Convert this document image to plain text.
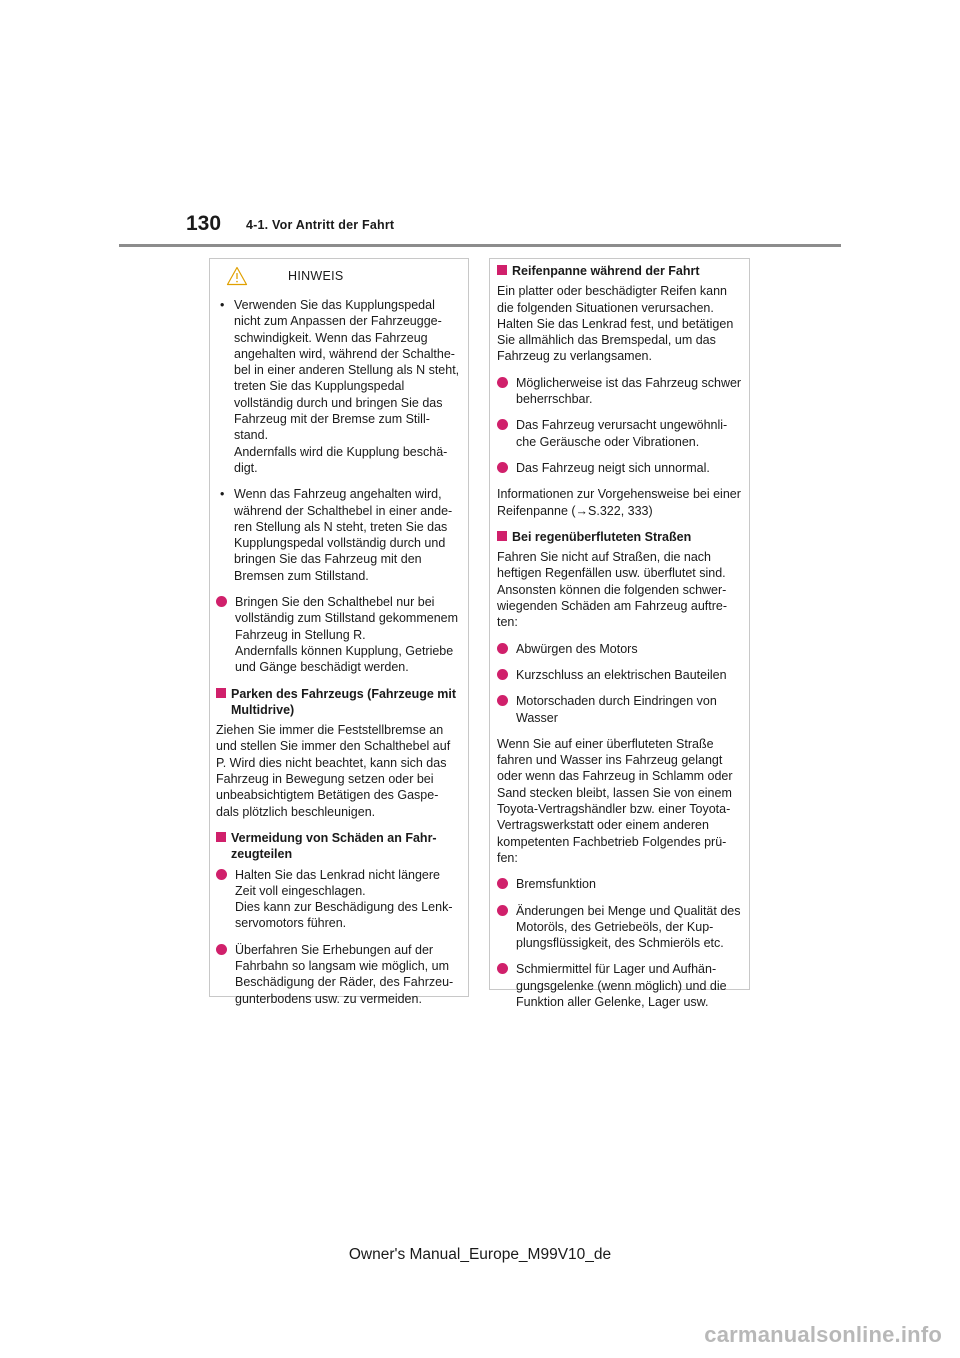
130 4-1. Vor Antritt der Fahrt
HINWEIS
• Verwenden Sie das Kupplungspedal nicht zum Anpassen der Fahrzeugge-schwindigkeit. Wenn das Fahrzeug angehalten wird, während der Schalthe-bel in einer anderen Stellung als N steht, treten Sie das Kupplungspedal vollständig durch und bringen Sie das Fahrzeug mit der Bremse zum Still-stand.
Andernfalls wird die Kupplung beschä-digt.
• Wenn das Fahrzeug angehalten wird, während der Schalthebel in einer ande-ren Stellung als N steht, treten Sie das Kupplungspedal vollständig durch und bringen Sie das Fahrzeug mit den Bremsen zum Stillstand.
Bringen Sie den Schalthebel nur bei vollständig zum Stillstand gekommenem Fahrzeug in Stellung R.
Andernfalls können Kupplung, Getriebe und Gänge beschädigt werden.
Parken des Fahrzeugs (Fahrzeuge mit Multidrive)
Ziehen Sie immer die Feststellbremse an und stellen Sie immer den Schalthebel auf P. Wird dies nicht beachtet, kann sich das Fahrzeug in Bewegung setzen oder bei unbeabsichtigtem Betätigen des Gaspe-dals plötzlich beschleunigen.
Vermeidung von Schäden an Fahr-zeugteilen
Halten Sie das Lenkrad nicht längere Zeit voll eingeschlagen.
Dies kann zur Beschädigung des Lenk-servomotors führen.
Überfahren Sie Erhebungen auf der Fahrbahn so langsam wie möglich, um Beschädigung der Räder, des Fahrzeu-gunterbodens usw. zu vermeiden.
Reifenpanne während der Fahrt
Ein platter oder beschädigter Reifen kann die folgenden Situationen verursachen. Halten Sie das Lenkrad fest, und betätigen Sie allmählich das Bremspedal, um das Fahrzeug zu verlangsamen.
Möglicherweise ist das Fahrzeug schwer beherrschbar.
Das Fahrzeug verursacht ungewöhnli-che Geräusche oder Vibrationen.
Das Fahrzeug neigt sich unnormal.
Informationen zur Vorgehensweise bei einer Reifenpanne (→S.322, 333)
Bei regenüberfluteten Straßen
Fahren Sie nicht auf Straßen, die nach heftigen Regenfällen usw. überflutet sind. Ansonsten können die folgenden schwer-wiegenden Schäden am Fahrzeug auftre-ten:
Abwürgen des Motors
Kurzschluss an elektrischen Bauteilen
Motorschaden durch Eindringen von Wasser
Wenn Sie auf einer überfluteten Straße fahren und Wasser ins Fahrzeug gelangt oder wenn das Fahrzeug in Schlamm oder Sand stecken bleibt, lassen Sie von einem Toyota-Vertragshändler bzw. einer Toyota-Vertragswerkstatt oder einem anderen kompetenten Fachbetrieb Folgendes prü-fen:
Bremsfunktion
Änderungen bei Menge und Qualität des Motoröls, des Getriebeöls, der Kup-plungsflüssigkeit, des Schmieröls etc.
Schmiermittel für Lager und Aufhän-gungsgelenke (wenn möglich) und die Funktion aller Gelenke, Lager usw.
Owner's Manual_Europe_M99V10_de
carmanualsonline.info
